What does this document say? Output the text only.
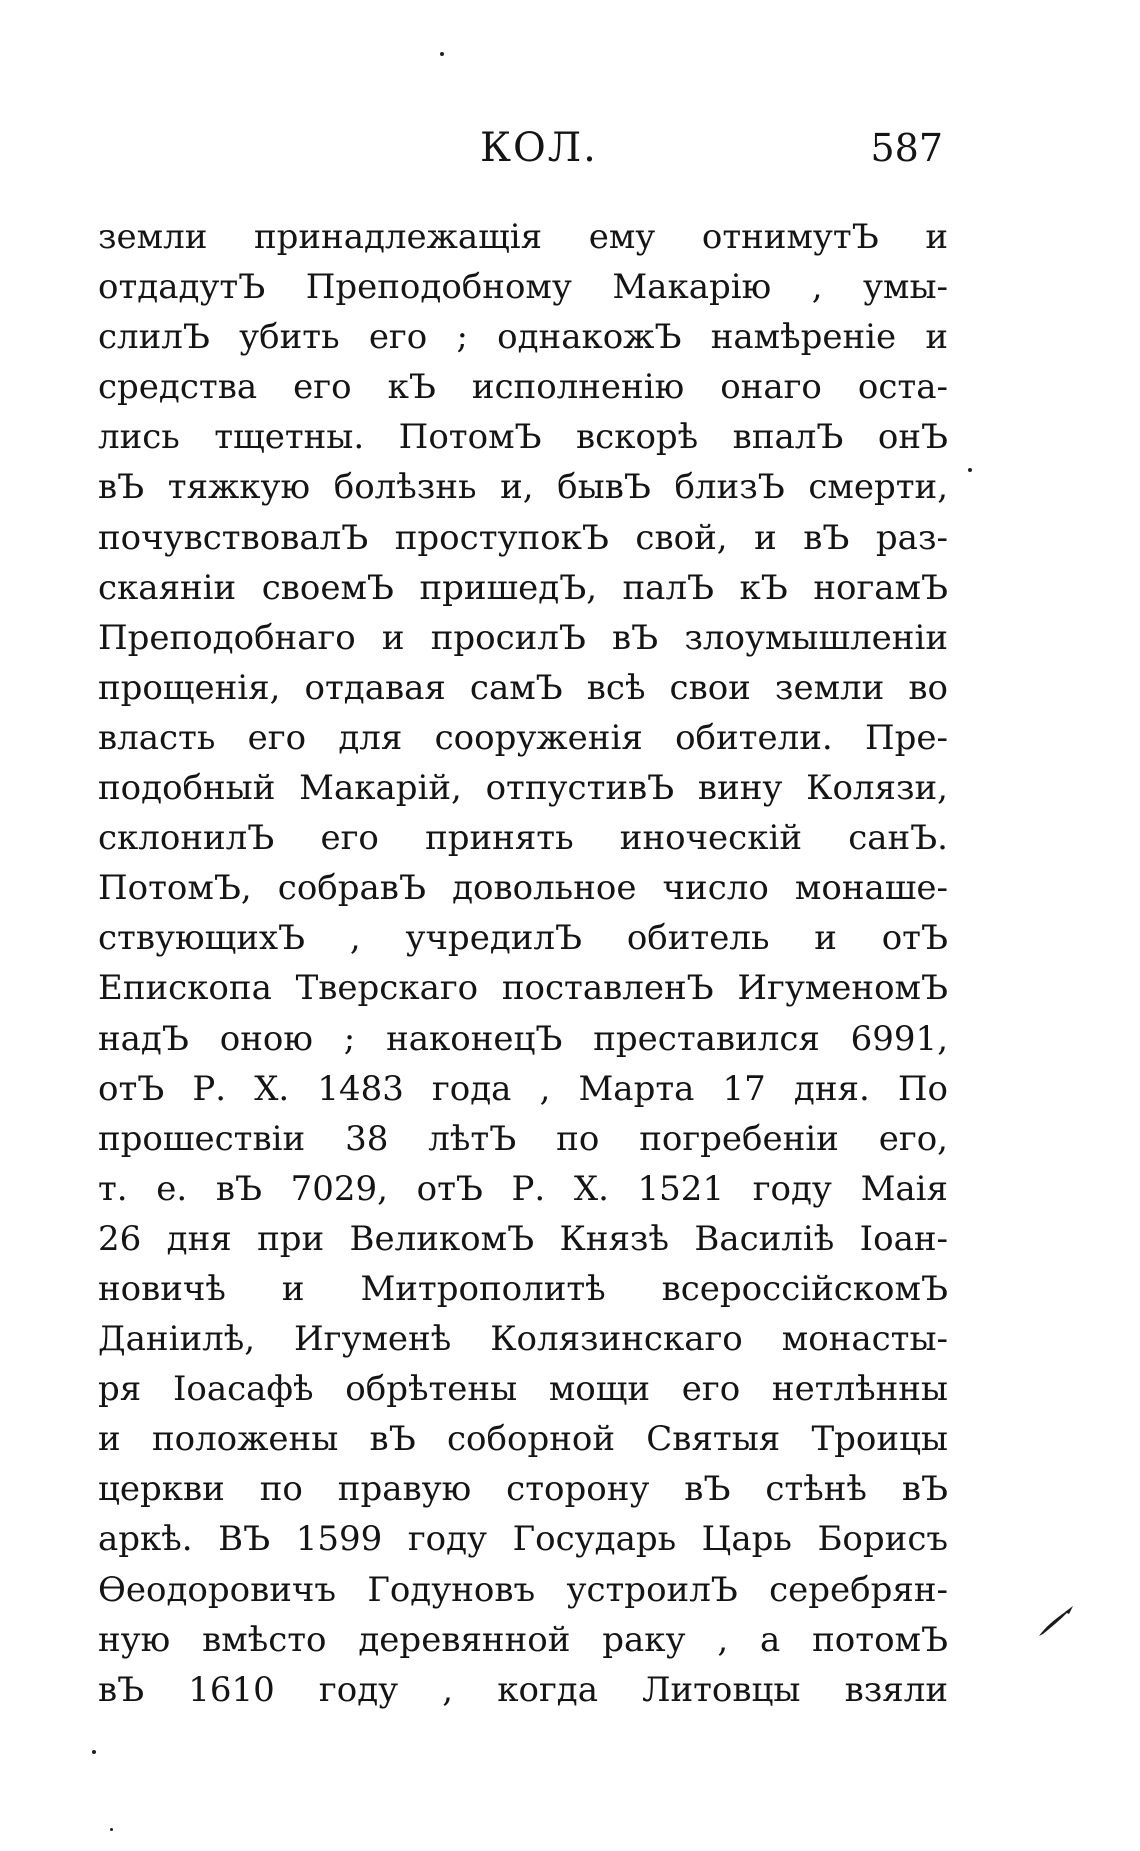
КОЛ.	587
земли принадлежащія ему отнимутЪ и
отдадутЪ Преподобному Макарію , умы-
слилЪ убить его ; однакожЪ намѣреніе и
средства его кЪ исполненію онаго оста-
лись тщетны. ПотомЪ вскорѣ впалЪ онЪ
вЪ тяжкую болѣзнь и, бывЪ близЪ смерти,
почувствовалЪ проступокЪ свой, и вЪ раз-
скаяніи своемЪ пришедЪ, палЪ кЪ ногамЪ
Преподобнаго и просилЪ вЪ злоумышленіи
прощенія, отдавая самЪ всѣ свои земли во
власть его для сооруженія обители. Пре-
подобный Макарій, отпустивЪ вину Колязи,
склонилЪ его принять иноческій санЪ.
ПотомЪ, собравЪ довольное число монаше-
ствующихЪ , учредилЪ обитель и отЪ
Епископа Тверскаго поставленЪ ИгуменомЪ
надЪ оною ; наконецЪ преставился 6991,
отЪ Р. Х. 1483 года , Марта 17 дня. По
прошествіи 38 лѣтЪ по погребеніи его,
т. е. вЪ 7029, отЪ Р. Х. 1521 году Маія
26 дня при ВеликомЪ Князѣ Василіѣ Іоан-
новичѣ и Митрополитѣ всероссійскомЪ
Даніилѣ, Игуменѣ Колязинскаго монасты-
ря Іоасафѣ обрѣтены мощи его нетлѣнны
и положены вЪ соборной Святыя Троицы
церкви по правую сторону вЪ стѣнѣ вЪ
аркѣ. ВЪ 1599 году Государь Царь Борисъ
Ѳеодоровичъ Годуновъ устроилЪ серебрян-
ную вмѣсто деревянной раку , а потомЪ
вЪ 1610 году , когда Литовцы взяли
